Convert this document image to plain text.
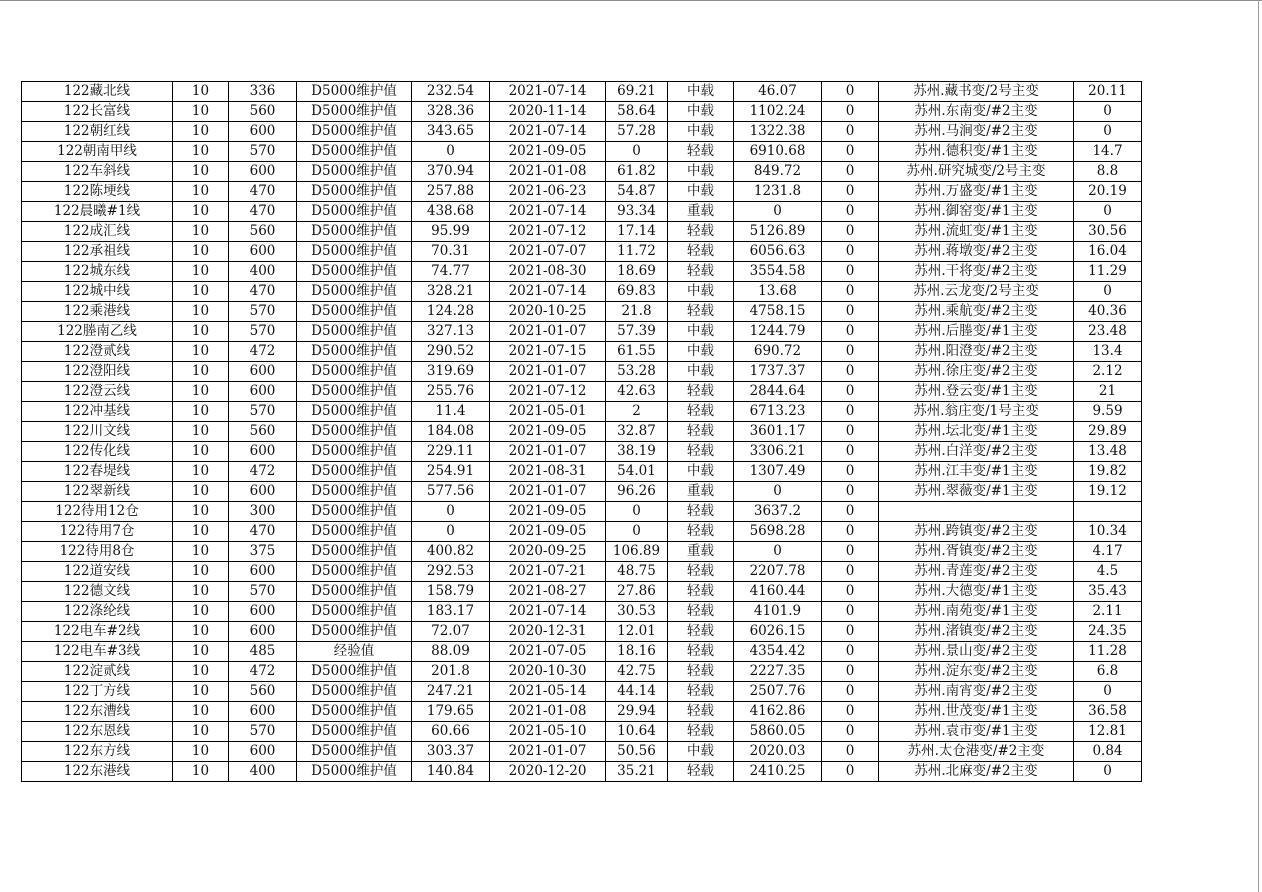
122藏北线	10	336	D5000维护值	232.54	2021-07-14	69.21	中载	46.07	0	苏州.藏书变/2号主变	20.11
122长富线	10	560	D5000维护值	328.36	2020-11-14	58.64	中载	1102.24	0	苏州.东南变/#2主变	0
122朝红线	10	600	D5000维护值	343.65	2021-07-14	57.28	中载	1322.38	0	苏州.马涧变/#2主变	0
122朝南甲线	10	570	D5000维护值	0	2021-09-05	0	轻载	6910.68	0	苏州.德积变/#1主变	14.7
122车斜线	10	600	D5000维护值	370.94	2021-01-08	61.82	中载	849.72	0	苏州.研究城变/2号主变	8.8
122陈埂线	10	470	D5000维护值	257.88	2021-06-23	54.87	中载	1231.8	0	苏州.万盛变/#1主变	20.19
122晨曦#1线	10	470	D5000维护值	438.68	2021-07-14	93.34	重载	0	0	苏州.御窑变/#1主变	0
122成汇线	10	560	D5000维护值	95.99	2021-07-12	17.14	轻载	5126.89	0	苏州.流虹变/#1主变	30.56
122承祖线	10	600	D5000维护值	70.31	2021-07-07	11.72	轻载	6056.63	0	苏州.蒋墩变/#2主变	16.04
122城东线	10	400	D5000维护值	74.77	2021-08-30	18.69	轻载	3554.58	0	苏州.干将变/#2主变	11.29
122城中线	10	470	D5000维护值	328.21	2021-07-14	69.83	中载	13.68	0	苏州.云龙变/2号主变	0
122乘港线	10	570	D5000维护值	124.28	2020-10-25	21.8	轻载	4758.15	0	苏州.乘航变/#2主变	40.36
122塍南乙线	10	570	D5000维护值	327.13	2021-01-07	57.39	中载	1244.79	0	苏州.后塍变/#1主变	23.48
122澄贰线	10	472	D5000维护值	290.52	2021-07-15	61.55	中载	690.72	0	苏州.阳澄变/#2主变	13.4
122澄阳线	10	600	D5000维护值	319.69	2021-01-07	53.28	中载	1737.37	0	苏州.徐庄变/#2主变	2.12
122澄云线	10	600	D5000维护值	255.76	2021-07-12	42.63	轻载	2844.64	0	苏州.登云变/#1主变	21
122冲基线	10	570	D5000维护值	11.4	2021-05-01	2	轻载	6713.23	0	苏州.翁庄变/1号主变	9.59
122川文线	10	560	D5000维护值	184.08	2021-09-05	32.87	轻载	3601.17	0	苏州.坛北变/#1主变	29.89
122传化线	10	600	D5000维护值	229.11	2021-01-07	38.19	轻载	3306.21	0	苏州.白洋变/#2主变	13.48
122春堤线	10	472	D5000维护值	254.91	2021-08-31	54.01	中载	1307.49	0	苏州.江丰变/#1主变	19.82
122翠新线	10	600	D5000维护值	577.56	2021-01-07	96.26	重载	0	0	苏州.翠薇变/#1主变	19.12
122待用12仓	10	300	D5000维护值	0	2021-09-05	0	轻载	3637.2	0		
122待用7仓	10	470	D5000维护值	0	2021-09-05	0	轻载	5698.28	0	苏州.跨镇变/#2主变	10.34
122待用8仓	10	375	D5000维护值	400.82	2020-09-25	106.89	重载	0	0	苏州.胥镇变/#2主变	4.17
122道安线	10	600	D5000维护值	292.53	2021-07-21	48.75	轻载	2207.78	0	苏州.青莲变/#2主变	4.5
122德文线	10	570	D5000维护值	158.79	2021-08-27	27.86	轻载	4160.44	0	苏州.大德变/#1主变	35.43
122涤纶线	10	600	D5000维护值	183.17	2021-07-14	30.53	轻载	4101.9	0	苏州.南苑变/#1主变	2.11
122电车#2线	10	600	D5000维护值	72.07	2020-12-31	12.01	轻载	6026.15	0	苏州.渚镇变/#2主变	24.35
122电车#3线	10	485	经验值	88.09	2021-07-05	18.16	轻载	4354.42	0	苏州.景山变/#2主变	11.28
122淀贰线	10	472	D5000维护值	201.8	2020-10-30	42.75	轻载	2227.35	0	苏州.淀东变/#2主变	6.8
122丁方线	10	560	D5000维护值	247.21	2021-05-14	44.14	轻载	2507.76	0	苏州.南宵变/#2主变	0
122东漕线	10	600	D5000维护值	179.65	2021-01-08	29.94	轻载	4162.86	0	苏州.世茂变/#1主变	36.58
122东恩线	10	570	D5000维护值	60.66	2021-05-10	10.64	轻载	5860.05	0	苏州.袁市变/#1主变	12.81
122东方线	10	600	D5000维护值	303.37	2021-01-07	50.56	中载	2020.03	0	苏州.太仓港变/#2主变	0.84
122东港线	10	400	D5000维护值	140.84	2020-12-20	35.21	轻载	2410.25	0	苏州.北麻变/#2主变	0
